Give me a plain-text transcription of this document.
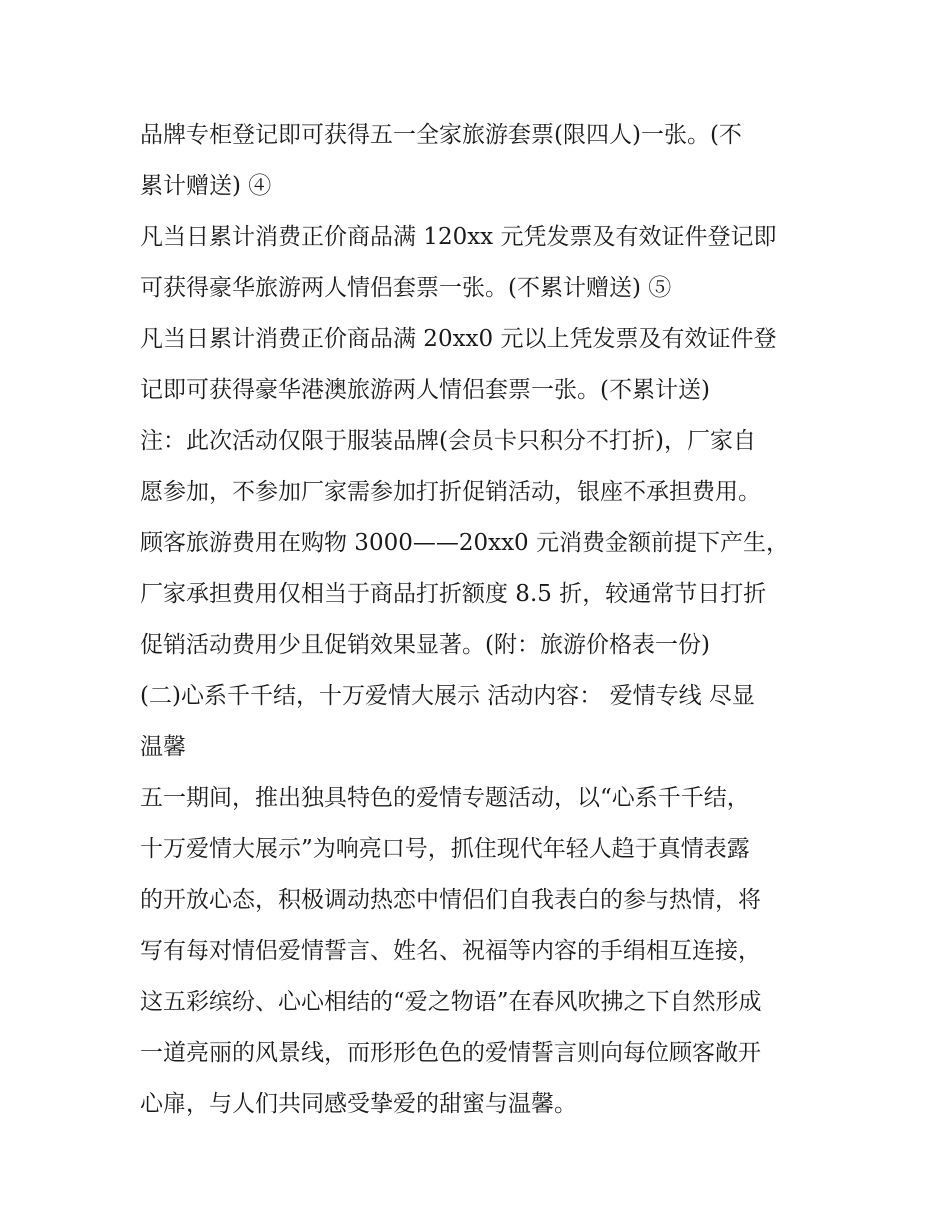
品牌专柜登记即可获得五一全家旅游套票(限四人)一张。(不
累计赠送) ④
凡当日累计消费正价商品满 120xx 元凭发票及有效证件登记即
可获得豪华旅游两人情侣套票一张。(不累计赠送) ⑤
凡当日累计消费正价商品满 20xx0 元以上凭发票及有效证件登
记即可获得豪华港澳旅游两人情侣套票一张。(不累计送)
注：此次活动仅限于服装品牌(会员卡只积分不打折)，厂家自
愿参加，不参加厂家需参加打折促销活动，银座不承担费用。
顾客旅游费用在购物 3000——20xx0 元消费金额前提下产生，
厂家承担费用仅相当于商品打折额度 8.5 折，较通常节日打折
促销活动费用少且促销效果显著。(附：旅游价格表一份)
(二)心系千千结，十万爱情大展示 活动内容： 爱情专线 尽显
温馨
五一期间，推出独具特色的爱情专题活动，以“心系千千结，
十万爱情大展示”为响亮口号，抓住现代年轻人趋于真情表露
的开放心态，积极调动热恋中情侣们自我表白的参与热情，将
写有每对情侣爱情誓言、姓名、祝福等内容的手绢相互连接，
这五彩缤纷、心心相结的“爱之物语”在春风吹拂之下自然形成
一道亮丽的风景线，而形形色色的爱情誓言则向每位顾客敞开
心扉，与人们共同感受挚爱的甜蜜与温馨。
